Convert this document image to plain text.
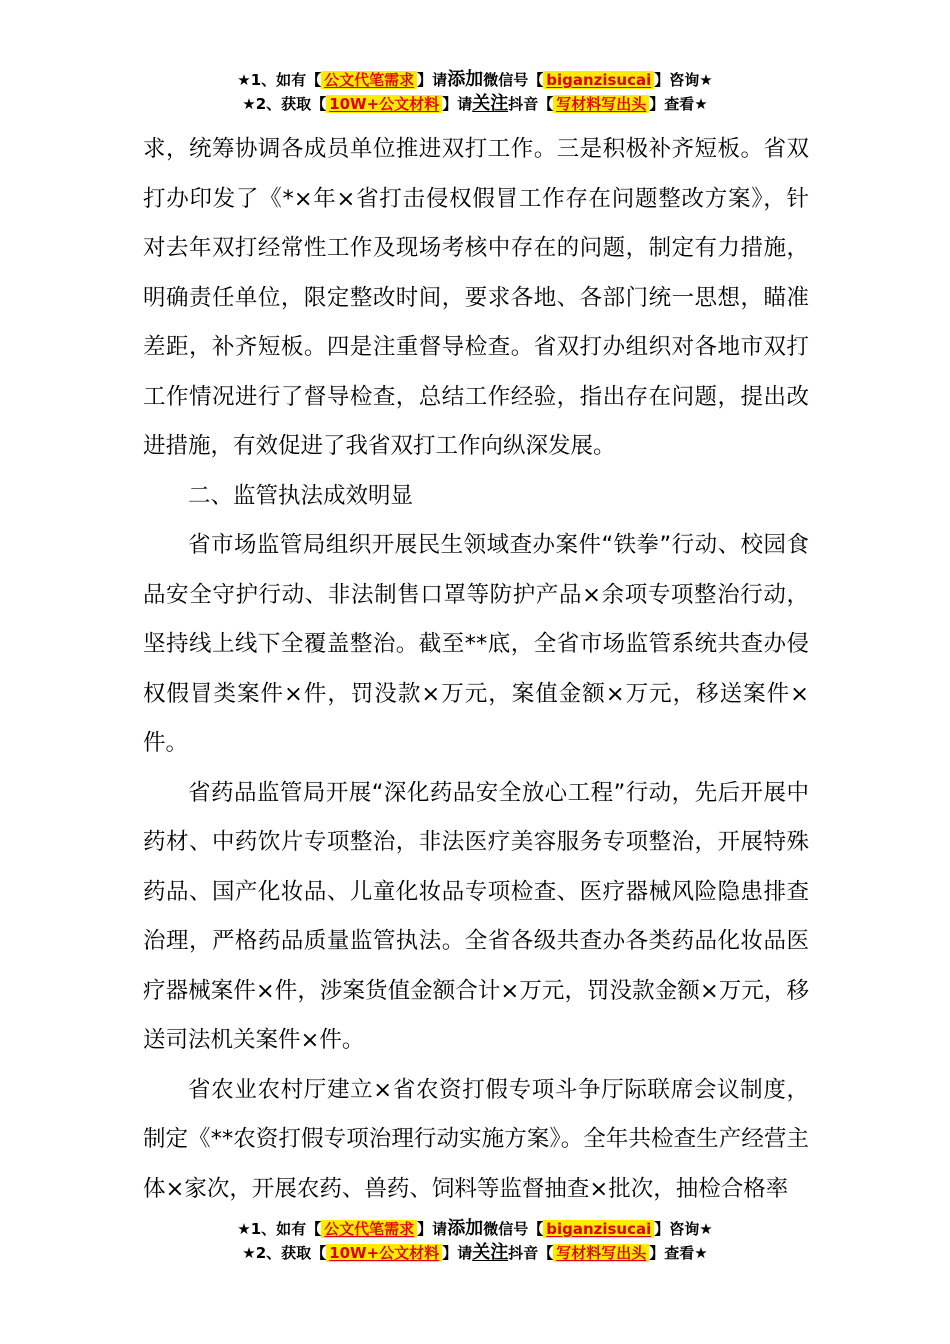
★1、如有【 公文代笔需求 】请添加微信号【 biganzisucai 】咨询★
★2、获取【 10W+公文材料 】请关注抖音【 写材料写出头 】查看★

求，统筹协调各成员单位推进双打工作。三是积极补齐短板。省双打办印发了《*×年×省打击侵权假冒工作存在问题整改方案》，针对去年双打经常性工作及现场考核中存在的问题，制定有力措施，明确责任单位，限定整改时间，要求各地、各部门统一思想，瞄准差距，补齐短板。四是注重督导检查。省双打办组织对各地市双打工作情况进行了督导检查，总结工作经验，指出存在问题，提出改进措施，有效促进了我省双打工作向纵深发展。

二、监管执法成效明显

省市场监管局组织开展民生领域查办案件“铁拳”行动、校园食品安全守护行动、非法制售口罩等防护产品×余项专项整治行动，坚持线上线下全覆盖整治。截至**底，全省市场监管系统共查办侵权假冒类案件×件，罚没款×万元，案值金额×万元，移送案件×件。

省药品监管局开展“深化药品安全放心工程”行动，先后开展中药材、中药饮片专项整治，非法医疗美容服务专项整治，开展特殊药品、国产化妆品、儿童化妆品专项检查、医疗器械风险隐患排查治理，严格药品质量监管执法。全省各级共查办各类药品化妆品医疗器械案件×件，涉案货值金额合计×万元，罚没款金额×万元，移送司法机关案件×件。

省农业农村厅建立×省农资打假专项斗争厅际联席会议制度，制定《**农资打假专项治理行动实施方案》。全年共检查生产经营主体×家次，开展农药、兽药、饲料等监督抽查×批次，抽检合格率

★1、如有【 公文代笔需求 】请添加微信号【 biganzisucai 】咨询★
★2、获取【 10W+公文材料 】请关注抖音【 写材料写出头 】查看★
